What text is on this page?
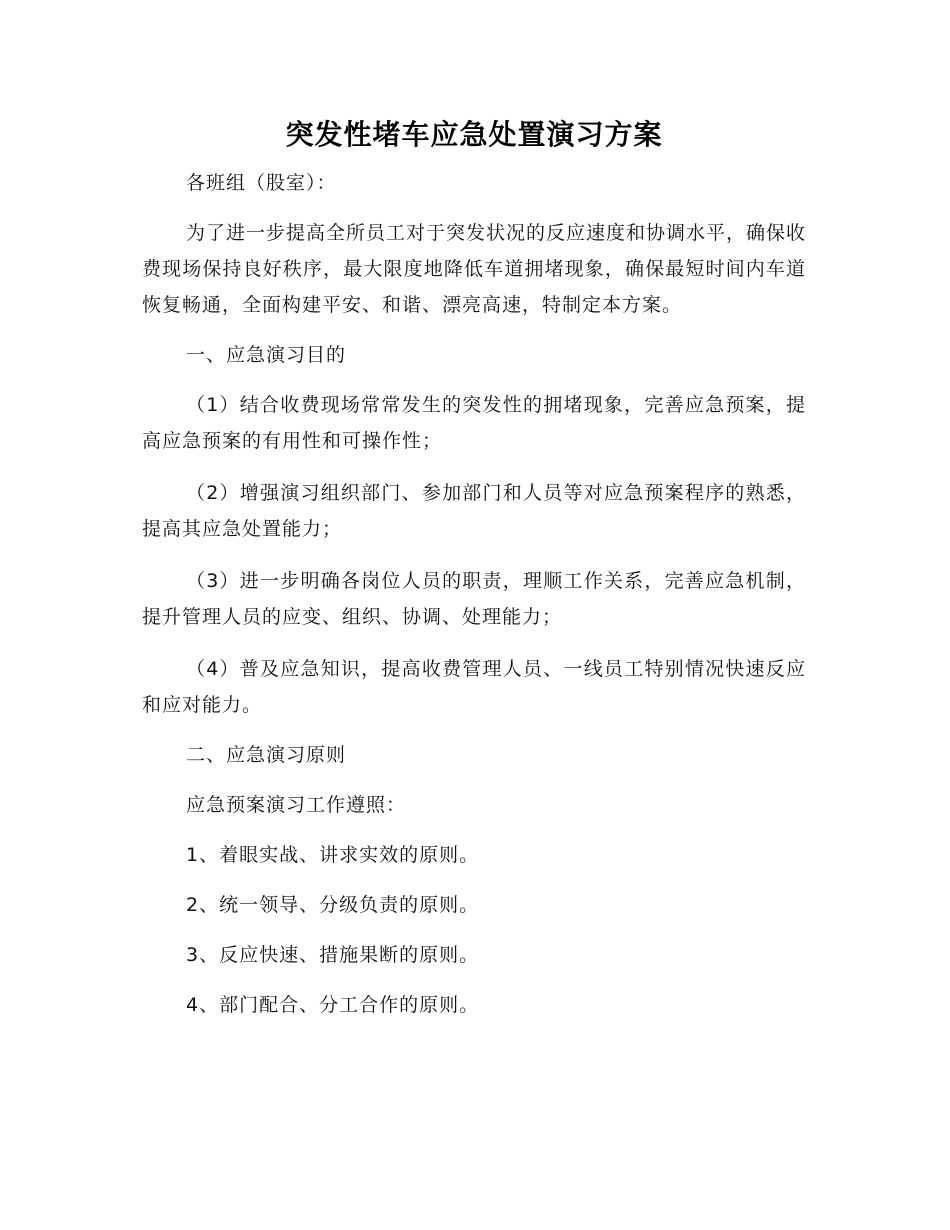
突发性堵车应急处置演习方案

各班组（股室）：

为了进一步提高全所员工对于突发状况的反应速度和协调水平，确保收费现场保持良好秩序，最大限度地降低车道拥堵现象，确保最短时间内车道恢复畅通，全面构建平安、和谐、漂亮高速，特制定本方案。

一、应急演习目的

（1）结合收费现场常常发生的突发性的拥堵现象，完善应急预案，提高应急预案的有用性和可操作性；

（2）增强演习组织部门、参加部门和人员等对应急预案程序的熟悉，提高其应急处置能力；

（3）进一步明确各岗位人员的职责，理顺工作关系，完善应急机制，提升管理人员的应变、组织、协调、处理能力；

（4）普及应急知识，提高收费管理人员、一线员工特别情况快速反应和应对能力。

二、应急演习原则

应急预案演习工作遵照：

1、着眼实战、讲求实效的原则。

2、统一领导、分级负责的原则。

3、反应快速、措施果断的原则。

4、部门配合、分工合作的原则。
